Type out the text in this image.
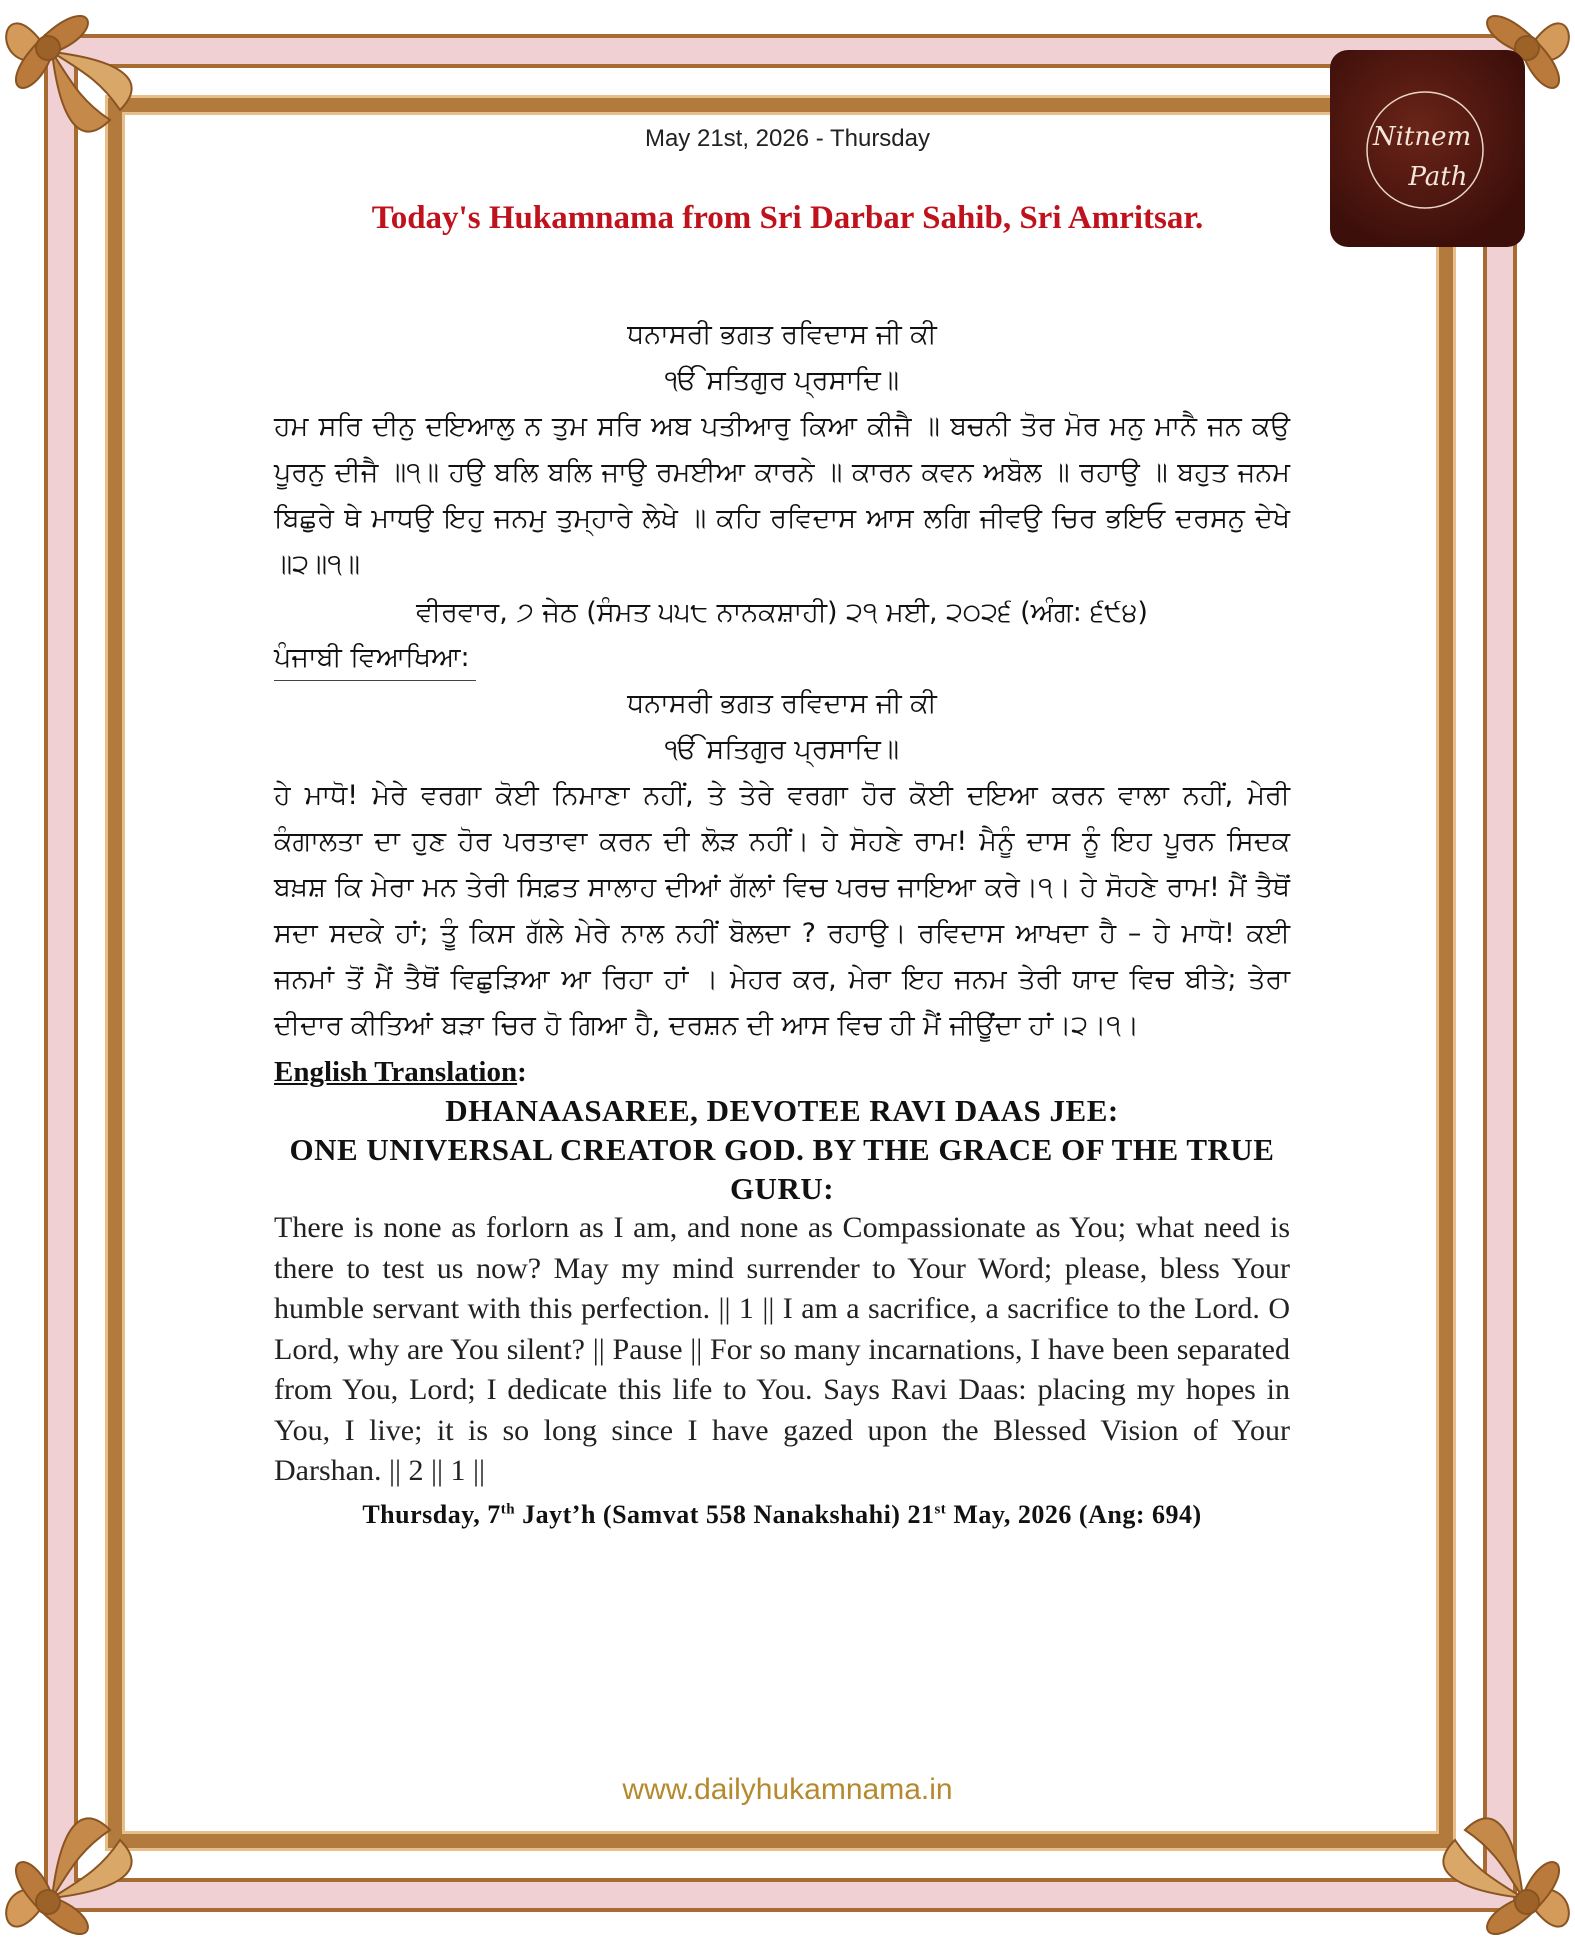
Nitnem
Path
May 21st, 2026 - Thursday
Today's Hukamnama from Sri Darbar Sahib, Sri Amritsar.
ਧਨਾਸਰੀ ਭਗਤ ਰਵਿਦਾਸ ਜੀ ਕੀ
ੴ ਸਤਿਗੁਰ ਪ੍ਰਸਾਦਿ॥
ਹਮ ਸਰਿ ਦੀਨੁ ਦਇਆਲੁ ਨ ਤੁਮ ਸਰਿ ਅਬ ਪਤੀਆਰੁ ਕਿਆ ਕੀਜੈ ॥ ਬਚਨੀ ਤੋਰ ਮੋਰ ਮਨੁ ਮਾਨੈ ਜਨ ਕਉ ਪੂਰਨੁ ਦੀਜੈ ॥੧॥ ਹਉ ਬਲਿ ਬਲਿ ਜਾਉ ਰਮਈਆ ਕਾਰਨੇ ॥ ਕਾਰਨ ਕਵਨ ਅਬੋਲ ॥ ਰਹਾਉ ॥ ਬਹੁਤ ਜਨਮ ਬਿਛੁਰੇ ਥੇ ਮਾਧਉ ਇਹੁ ਜਨਮੁ ਤੁਮ੍ਹਾਰੇ ਲੇਖੇ ॥ ਕਹਿ ਰਵਿਦਾਸ ਆਸ ਲਗਿ ਜੀਵਉ ਚਿਰ ਭਇਓ ਦਰਸਨੁ ਦੇਖੇ ॥੨॥੧॥
ਵੀਰਵਾਰ, ੭ ਜੇਠ (ਸੰਮਤ ੫੫੮ ਨਾਨਕਸ਼ਾਹੀ) ੨੧ ਮਈ, ੨੦੨੬ (ਅੰਗ: ੬੯੪)
ਪੰਜਾਬੀ ਵਿਆਖਿਆ:
ਧਨਾਸਰੀ ਭਗਤ ਰਵਿਦਾਸ ਜੀ ਕੀ
ੴ ਸਤਿਗੁਰ ਪ੍ਰਸਾਦਿ॥
ਹੇ ਮਾਧੋ! ਮੇਰੇ ਵਰਗਾ ਕੋਈ ਨਿਮਾਣਾ ਨਹੀਂ, ਤੇ ਤੇਰੇ ਵਰਗਾ ਹੋਰ ਕੋਈ ਦਇਆ ਕਰਨ ਵਾਲਾ ਨਹੀਂ, ਮੇਰੀ ਕੰਗਾਲਤਾ ਦਾ ਹੁਣ ਹੋਰ ਪਰਤਾਵਾ ਕਰਨ ਦੀ ਲੋੜ ਨਹੀਂ। ਹੇ ਸੋਹਣੇ ਰਾਮ! ਮੈਨੂੰ ਦਾਸ ਨੂੰ ਇਹ ਪੂਰਨ ਸਿਦਕ ਬਖ਼ਸ਼ ਕਿ ਮੇਰਾ ਮਨ ਤੇਰੀ ਸਿਫ਼ਤ ਸਾਲਾਹ ਦੀਆਂ ਗੱਲਾਂ ਵਿਚ ਪਰਚ ਜਾਇਆ ਕਰੇ।੧। ਹੇ ਸੋਹਣੇ ਰਾਮ! ਮੈਂ ਤੈਥੋਂ ਸਦਾ ਸਦਕੇ ਹਾਂ; ਤੂੰ ਕਿਸ ਗੱਲੇ ਮੇਰੇ ਨਾਲ ਨਹੀਂ ਬੋਲਦਾ ? ਰਹਾਉ। ਰਵਿਦਾਸ ਆਖਦਾ ਹੈ – ਹੇ ਮਾਧੋ! ਕਈ ਜਨਮਾਂ ਤੋਂ ਮੈਂ ਤੈਥੋਂ ਵਿਛੁੜਿਆ ਆ ਰਿਹਾ ਹਾਂ । ਮੇਹਰ ਕਰ, ਮੇਰਾ ਇਹ ਜਨਮ ਤੇਰੀ ਯਾਦ ਵਿਚ ਬੀਤੇ; ਤੇਰਾ ਦੀਦਾਰ ਕੀਤਿਆਂ ਬੜਾ ਚਿਰ ਹੋ ਗਿਆ ਹੈ, ਦਰਸ਼ਨ ਦੀ ਆਸ ਵਿਚ ਹੀ ਮੈਂ ਜੀਊਂਦਾ ਹਾਂ।੨।੧।
English Translation:
DHANAASAREE, DEVOTEE RAVI DAAS JEE:
ONE UNIVERSAL CREATOR GOD. BY THE GRACE OF THE TRUE GURU:
There is none as forlorn as I am, and none as Compassionate as You; what need is there to test us now? May my mind surrender to Your Word; please, bless Your humble servant with this perfection. || 1 || I am a sacrifice, a sacrifice to the Lord. O Lord, why are You silent? || Pause || For so many incarnations, I have been separated from You, Lord; I dedicate this life to You. Says Ravi Daas: placing my hopes in You, I live; it is so long since I have gazed upon the Blessed Vision of Your Darshan. || 2 || 1 ||
Thursday, 7th Jayt’h (Samvat 558 Nanakshahi) 21st May, 2026 (Ang: 694)
www.dailyhukamnama.in
